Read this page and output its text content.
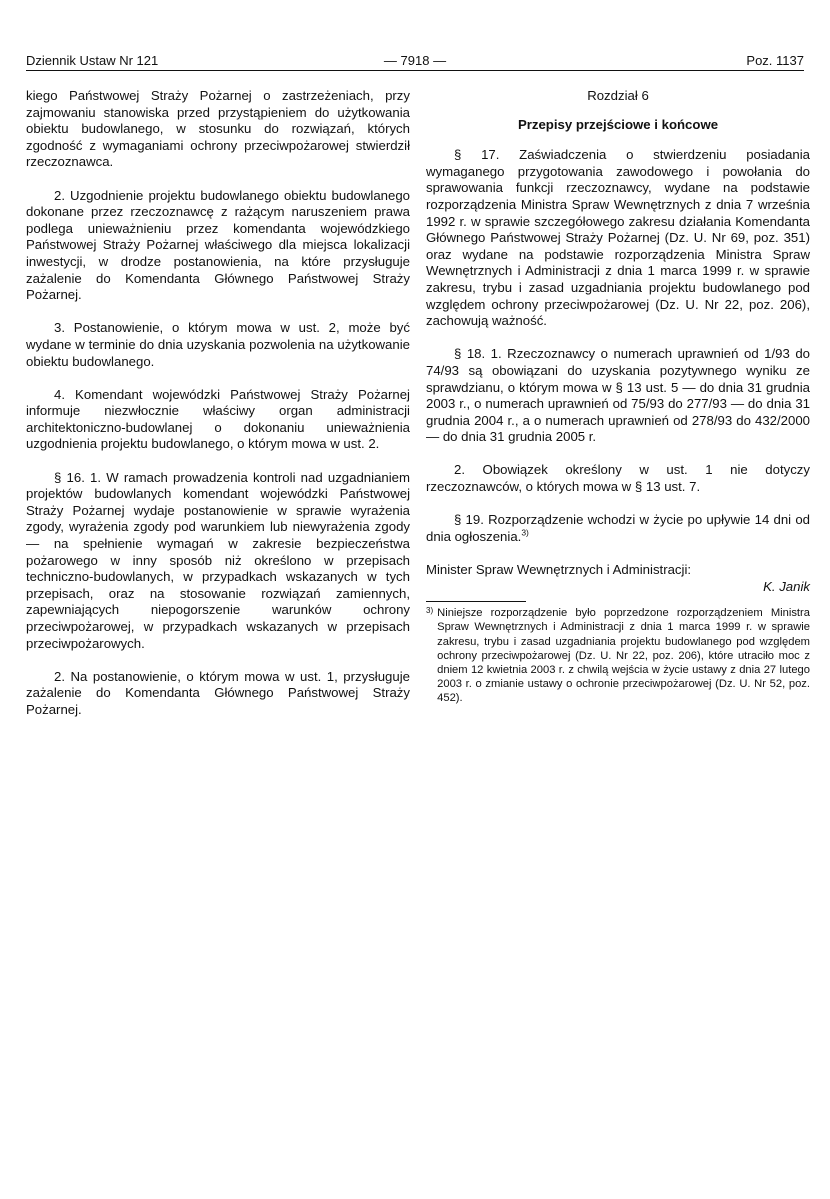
Dziennik Ustaw Nr 121	— 7918 —	Poz. 1137

kiego Państwowej Straży Pożarnej o zastrzeżeniach, przy zajmowaniu stanowiska przed przystąpieniem do użytkowania obiektu budowlanego, w stosunku do rozwiązań, których zgodność z wymaganiami ochrony przeciwpożarowej stwierdził rzeczoznawca.

2. Uzgodnienie projektu budowlanego obiektu budowlanego dokonane przez rzeczoznawcę z rażącym naruszeniem prawa podlega unieważnieniu przez komendanta wojewódzkiego Państwowej Straży Pożarnej właściwego dla miejsca lokalizacji inwestycji, w drodze postanowienia, na które przysługuje zażalenie do Komendanta Głównego Państwowej Straży Pożarnej.

3. Postanowienie, o którym mowa w ust. 2, może być wydane w terminie do dnia uzyskania pozwolenia na użytkowanie obiektu budowlanego.

4. Komendant wojewódzki Państwowej Straży Pożarnej informuje niezwłocznie właściwy organ administracji architektoniczno-budowlanej o dokonaniu unieważnienia uzgodnienia projektu budowlanego, o którym mowa w ust. 2.

§ 16. 1. W ramach prowadzenia kontroli nad uzgadnianiem projektów budowlanych komendant wojewódzki Państwowej Straży Pożarnej wydaje postanowienie w sprawie wyrażenia zgody, wyrażenia zgody pod warunkiem lub niewyrażenia zgody — na spełnienie wymagań w zakresie bezpieczeństwa pożarowego w inny sposób niż określono w przepisach techniczno-budowlanych, w przypadkach wskazanych w tych przepisach, oraz na stosowanie rozwiązań zamiennych, zapewniających niepogorszenie warunków ochrony przeciwpożarowej, w przypadkach wskazanych w przepisach przeciwpożarowych.

2. Na postanowienie, o którym mowa w ust. 1, przysługuje zażalenie do Komendanta Głównego Państwowej Straży Pożarnej.

Rozdział 6

Przepisy przejściowe i końcowe

§ 17. Zaświadczenia o stwierdzeniu posiadania wymaganego przygotowania zawodowego i powołania do sprawowania funkcji rzeczoznawcy, wydane na podstawie rozporządzenia Ministra Spraw Wewnętrznych z dnia 7 września 1992 r. w sprawie szczegółowego zakresu działania Komendanta Głównego Państwowej Straży Pożarnej (Dz. U. Nr 69, poz. 351) oraz wydane na podstawie rozporządzenia Ministra Spraw Wewnętrznych i Administracji z dnia 1 marca 1999 r. w sprawie zakresu, trybu i zasad uzgadniania projektu budowlanego pod względem ochrony przeciwpożarowej (Dz. U. Nr 22, poz. 206), zachowują ważność.

§ 18. 1. Rzeczoznawcy o numerach uprawnień od 1/93 do 74/93 są obowiązani do uzyskania pozytywnego wyniku ze sprawdzianu, o którym mowa w § 13 ust. 5 — do dnia 31 grudnia 2003 r., o numerach uprawnień od 75/93 do 277/93 — do dnia 31 grudnia 2004 r., a o numerach uprawnień od 278/93 do 432/2000 — do dnia 31 grudnia 2005 r.

2. Obowiązek określony w ust. 1 nie dotyczy rzeczoznawców, o których mowa w § 13 ust. 7.

§ 19. Rozporządzenie wchodzi w życie po upływie 14 dni od dnia ogłoszenia.$^{3)}$

Minister Spraw Wewnętrznych i Administracji:

K. Janik

3) Niniejsze rozporządzenie było poprzedzone rozporządzeniem Ministra Spraw Wewnętrznych i Administracji z dnia 1 marca 1999 r. w sprawie zakresu, trybu i zasad uzgadniania projektu budowlanego pod względem ochrony przeciwpożarowej (Dz. U. Nr 22, poz. 206), które utraciło moc z dniem 12 kwietnia 2003 r. z chwilą wejścia w życie ustawy z dnia 27 lutego 2003 r. o zmianie ustawy o ochronie przeciwpożarowej (Dz. U. Nr 52, poz. 452).
